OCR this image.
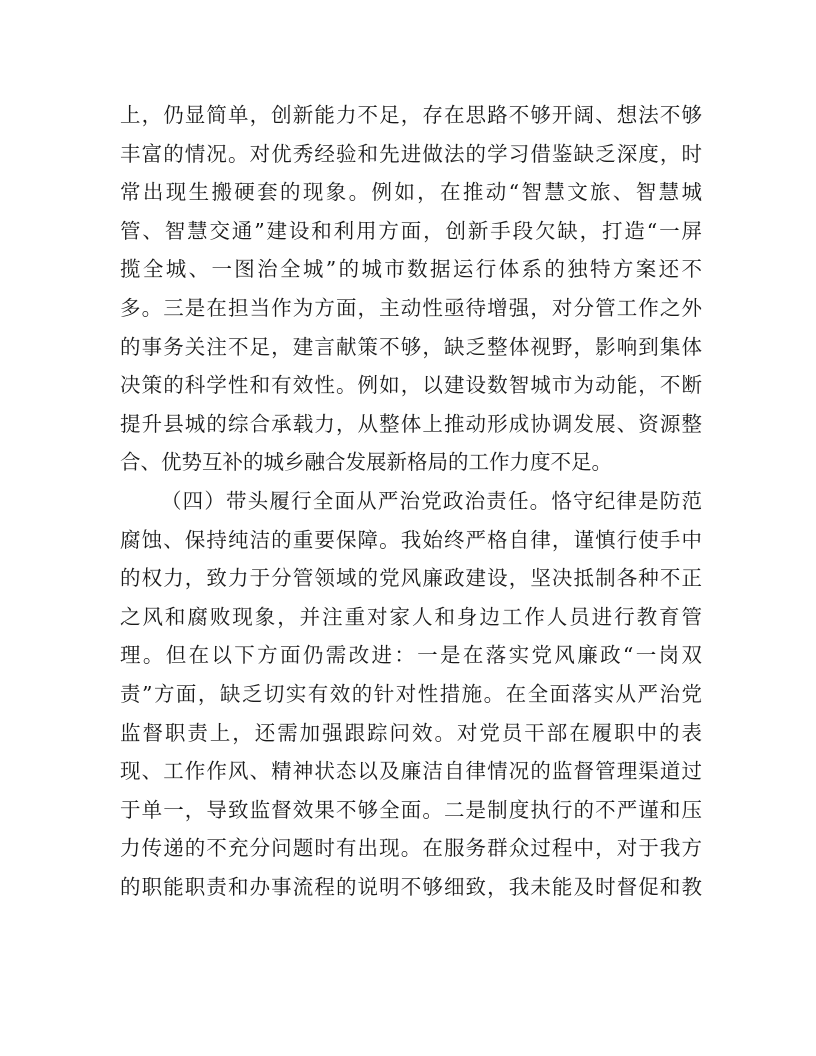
上，仍显简单，创新能力不足，存在思路不够开阔、想法不够
丰富的情况。对优秀经验和先进做法的学习借鉴缺乏深度，时
常出现生搬硬套的现象。例如，在推动“智慧文旅、智慧城
管、智慧交通”建设和利用方面，创新手段欠缺，打造“一屏
揽全城、一图治全城”的城市数据运行体系的独特方案还不
多。三是在担当作为方面，主动性亟待增强，对分管工作之外
的事务关注不足，建言献策不够，缺乏整体视野，影响到集体
决策的科学性和有效性。例如，以建设数智城市为动能，不断
提升县城的综合承载力，从整体上推动形成协调发展、资源整
合、优势互补的城乡融合发展新格局的工作力度不足。
（四）带头履行全面从严治党政治责任。恪守纪律是防范
腐蚀、保持纯洁的重要保障。我始终严格自律，谨慎行使手中
的权力，致力于分管领域的党风廉政建设，坚决抵制各种不正
之风和腐败现象，并注重对家人和身边工作人员进行教育管
理。但在以下方面仍需改进：一是在落实党风廉政“一岗双
责”方面，缺乏切实有效的针对性措施。在全面落实从严治党
监督职责上，还需加强跟踪问效。对党员干部在履职中的表
现、工作作风、精神状态以及廉洁自律情况的监督管理渠道过
于单一，导致监督效果不够全面。二是制度执行的不严谨和压
力传递的不充分问题时有出现。在服务群众过程中，对于我方
的职能职责和办事流程的说明不够细致，我未能及时督促和教
